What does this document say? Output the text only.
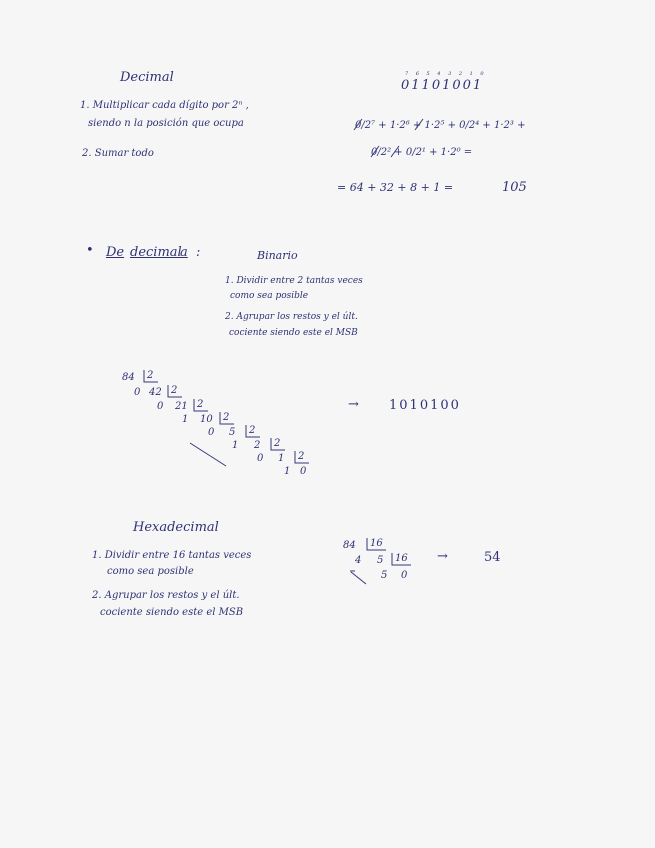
Decimal
1. Multiplicar cada dígito por 2ⁿ ,
siendo n la posición que ocupa
2. Sumar todo
7 6 5 4 3 2 1 0
01101001
0/2⁷ + 1·2⁶ + 1·2⁵ + 0/2⁴ + 1·2³ +
0/2² + 0/2¹ + 1·2⁰ =
= 64 + 32 + 8 + 1 =	105
• De decimal
a :	Binario
1. Dividir entre 2 tantas veces
como sea posible
2. Agrupar los restos y el últ.
cociente siendo este el MSB
84 2
0 42 2
0 21 2
1 10 2
0 5 2
1 2 2
0 1 2
1 0
→ 1010100
Hexadecimal
1. Dividir entre 16 tantas veces
como sea posible
2. Agrupar los restos y el últ.
cociente siendo este el MSB
84 16
4 5 16
5 0
→	54
